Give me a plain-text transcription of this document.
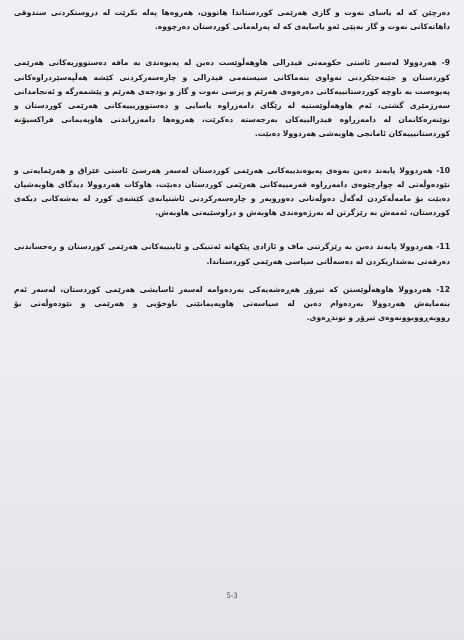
دەرچێن كە لە یاسای نەوت و گازی هەرێمی كوردستاندا هاتوون، هەروەها پەلە بكرێت لە دروستكردنی سندوقی داهاتەكانی نەوت و گاز بەپێی ئەو یاسایەی كە لە پەرلەمانی كوردستان دەرچووە.

9- هەردوولا لەسەر ئاستی حكومەتی فیدرالی هاوهەڵوێست دەبن لە پەیوەندی بە مافە دەستووریەكانی هەرێمی كوردستان و جێبەجێكردنی تەواوی بنەماكانی سیستەمی فیدرالی و چارەسەركردنی كێشە هەڵپەسێردراوەكانی پەیوەست بە ناوچە كوردستانییەكانی دەرەوەی هەرێم و پرسی نەوت و گاز و بودجەی هەرێم و پێشمەرگە و ئەنجامدانی سەرژمێری گشتی، ئەم هاوهەڵوێستیە لە رێگای دامەزراوە یاسایی و دەستووریییەكانی هەرێمی كوردستان و نوێنەرەكانمان لە دامەزراوە فیدرالییەكان بەرجەستە دەكرێت، هەروەها دامەزراندنی هاوپەیمانی فراكسیۆنە كوردستانیییەكان ئامانجی هاوبەشی هەردوولا دەبێت.

10- هەردوولا پابەند دەبن بەوەی پەیوەندییەكانی هەرێمی كوردستان لەسەر هەرسێ ئاستی عێراق و هەرێمایەتی و نێودەوڵەتی لە چوارچێوەی دامەزراوە فەرمییەكانی هەرێمی كوردستان دەبێت، هاوكات هەردوولا دیدگای هاوبەشیان دەبێت بۆ مامەڵەكردن لەگەڵ دەوڵەتانی دەوروبەر و چارەسەركردنی ئاشتیانەی كێشەی كورد لە بەشەكانی دیكەی كوردستان، ئەمەش بە رێزگرتن لە بەرژەوەندی هاوبەش و دراوسێیەتی هاوبەش.

11- هەردوولا پابەند دەبن بە رێزگرتنی ماف و ئازادی پێكهاتە ئەتنیكی و ئاینییەكانی هەرێمی كوردستان و رەخساندنی دەرفەتی بەشداریكردن لە دەسەڵاتی سیاسی هەرێمی كوردستاندا.

12- هەردوولا هاوهەڵوێستن كە تیرۆر هەڕەشەیەكی بەردەوامە لەسەر ئاسایشی هەرێمی كوردستان، لەسەر ئەم بنەمایەش هەردوولا بەردەوام دەبن لە سیاسەتی هاوپەیمانێتی ناوخۆیی و هەرێمی و نێودەوڵەتی بۆ رووبەڕووبوونەوەی تیرۆر و توندڕەوی.

5-3
